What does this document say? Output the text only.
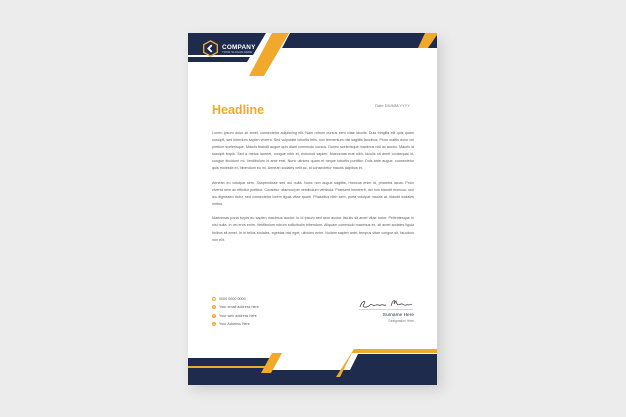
COMPANY
YOUR SLOGAN HERE
Headline	Date DD/MM/YYYY

Lorem ipsum dolor sit amet, consectetur adipiscing elit. Nam rutrum cursus sem vitae iaculis. Duis fringilla elit quis quam suscipit, sed interdum sapien viverra. Sed vulputate lobortis felis, non fermentum nisi sagittis faucibus. Proin mattis dolor vel pretium scelerisque. Mauris blandit augue quis diam commodo cursus. Donec scelerisque maximus nisl ac auctor. Mauris id suscipit turpis. Sed a metus laoreet, congue nibh et, euismod sapien. Maecenas erat nibh, iaculis sit amet consequat id, congue tincidunt mi. Vestibulum id ante erat. Nunc ultrices quam et neque lobortis porttitor. Duis ante augue, consectetur quis molestie et, bibendum eu mi. Aenean sodales velit ac, id consectetur mauris dapibus et.

Aenean eu volutpat sem. Suspendisse sed dui nulla. Nunc non augue sagittis, rhoncus enim id, pharetra lacus. Proin viverra sem ac efficitur porttitor. Curabitur ullamcorper vestibulum vehicula. Praesent hendrerit, dui non blandit rhoncus, orci leo dignissim dolor, sed consectetur lorem ligula vitae quam. Phasellus nibh sem, porta volutpat mauris at, blandit sodales metus.

Maecenas porta turpis eu sapien maximus auctor. In id ipsum sed sem auctor iaculis sit amet vitae tortor. Pellentesque in nisl nulla. In vel eros enim. Vestibulum rutrum sollicitudin bibendum. Aliquam commodo maximus ex, sit amet sodales ligula finibus sit amet. In in tellus sodales, egestas nisi eget, ultricies enim. Nullam sapien ante, tempus vitae congue sit, faucibus non elit.

☎ 0000 0000 0000
✉ Your email address here
●	Your web address here
▲ Your Address Here
Surname Here
Designation Here
